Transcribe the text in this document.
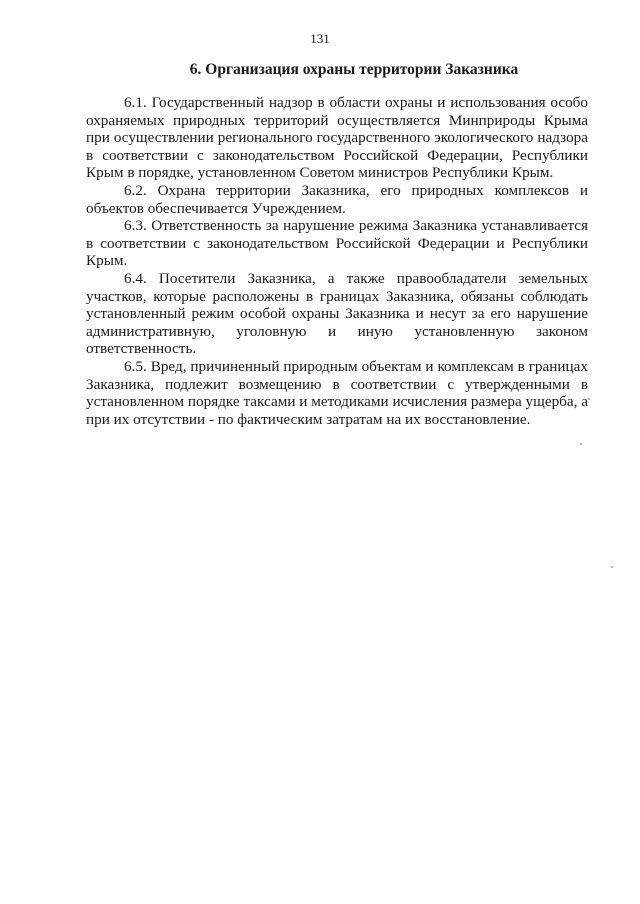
131
6. Организация охраны территории Заказника

6.1. Государственный надзор в области охраны и использования особо охраняемых природных территорий осуществляется Минприроды Крыма при осуществлении регионального государственного экологического надзора в соответствии с законодательством Российской Федерации, Республики Крым в порядке, установленном Советом министров Республики Крым.

6.2. Охрана территории Заказника, его природных комплексов и объектов обеспечивается Учреждением.

6.3. Ответственность за нарушение режима Заказника устанавливается в соответствии с законодательством Российской Федерации и Республики Крым.

6.4. Посетители Заказника, а также правообладатели земельных участков, которые расположены в границах Заказника, обязаны соблюдать установленный режим особой охраны Заказника и несут за его нарушение административную, уголовную и иную установленную законом ответственность.

6.5. Вред, причиненный природным объектам и комплексам в границах Заказника, подлежит возмещению в соответствии с утвержденными в установленном порядке таксами и методиками исчисления размера ущерба, а при их отсутствии - по фактическим затратам на их восстановление.
